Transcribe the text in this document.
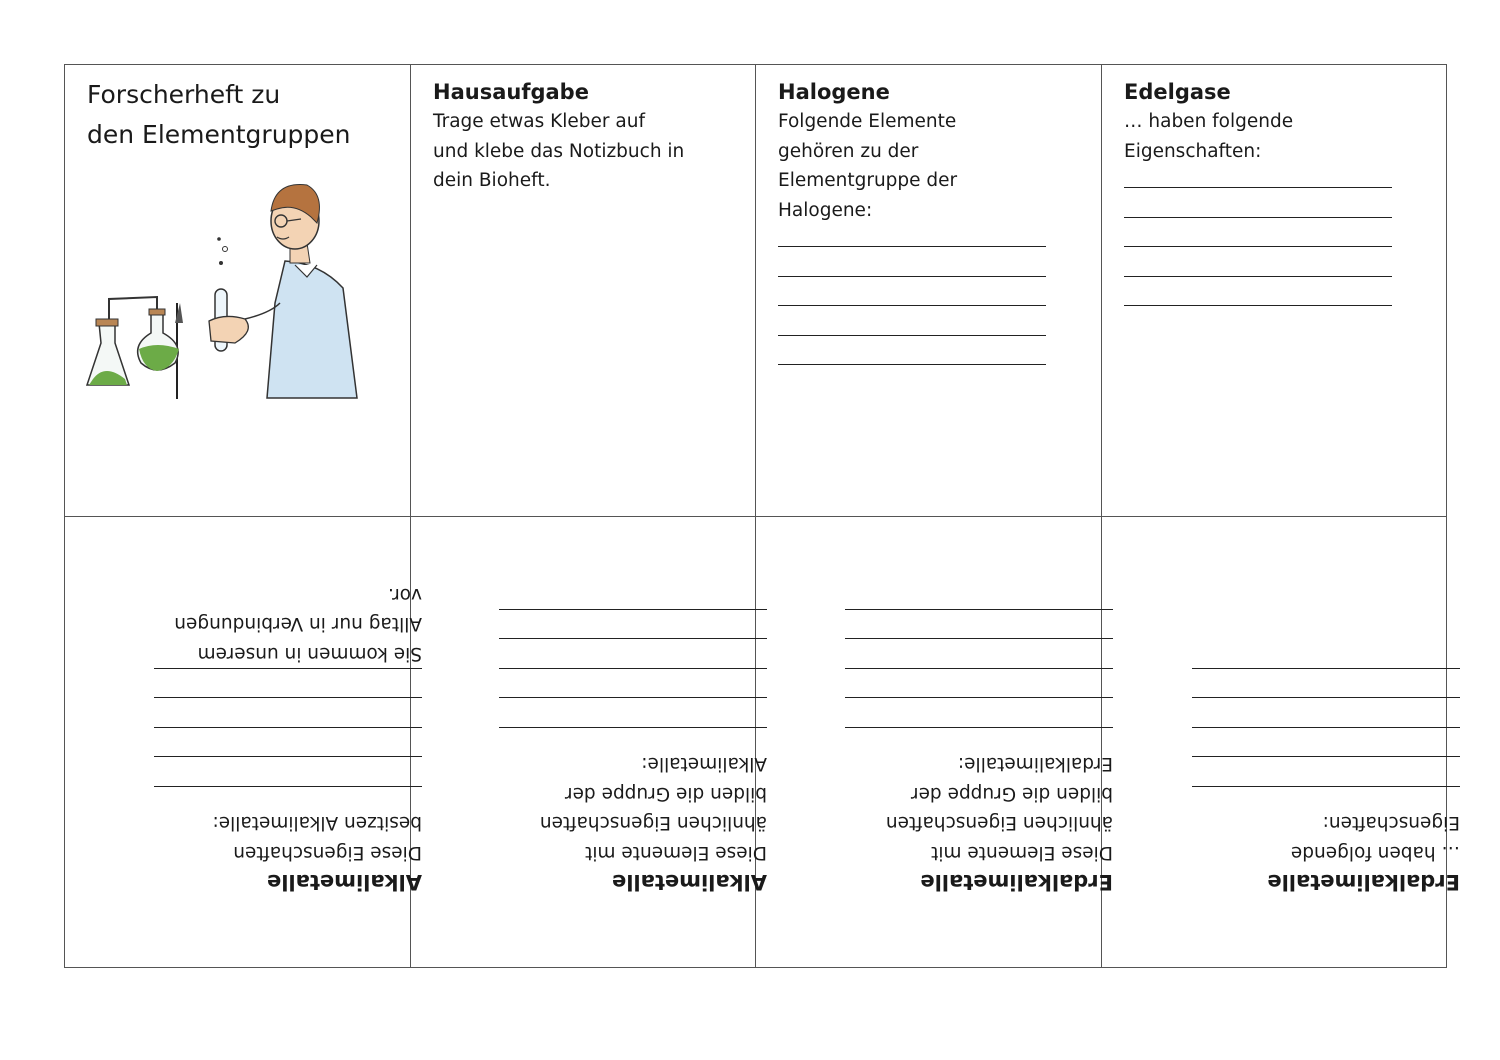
Forscherheft zu

den Elementgruppen

Hausaufgabe

Trage etwas Kleber auf

und klebe das Notizbuch in

dein Bioheft.

Halogene

Folgende Elemente

gehören zu der

Elementgruppe der

Halogene:

Edelgase

… haben folgende

Eigenschaften:

Alkalimetalle

Diese Eigenschaften

besitzen Alkalimetalle:

Sie kommen in unserem

Alltag nur in Verbindungen

vor.

Alkalimetalle

Diese Elemente mit

ähnlichen Eigenschaften

bilden die Gruppe der

Alkalimetalle:

Erdalkalimetalle

Diese Elemente mit

ähnlichen Eigenschaften

bilden die Gruppe der

Erdalkalimetalle:

Erdalkalimetalle

… haben folgende

Eigenschaften:
